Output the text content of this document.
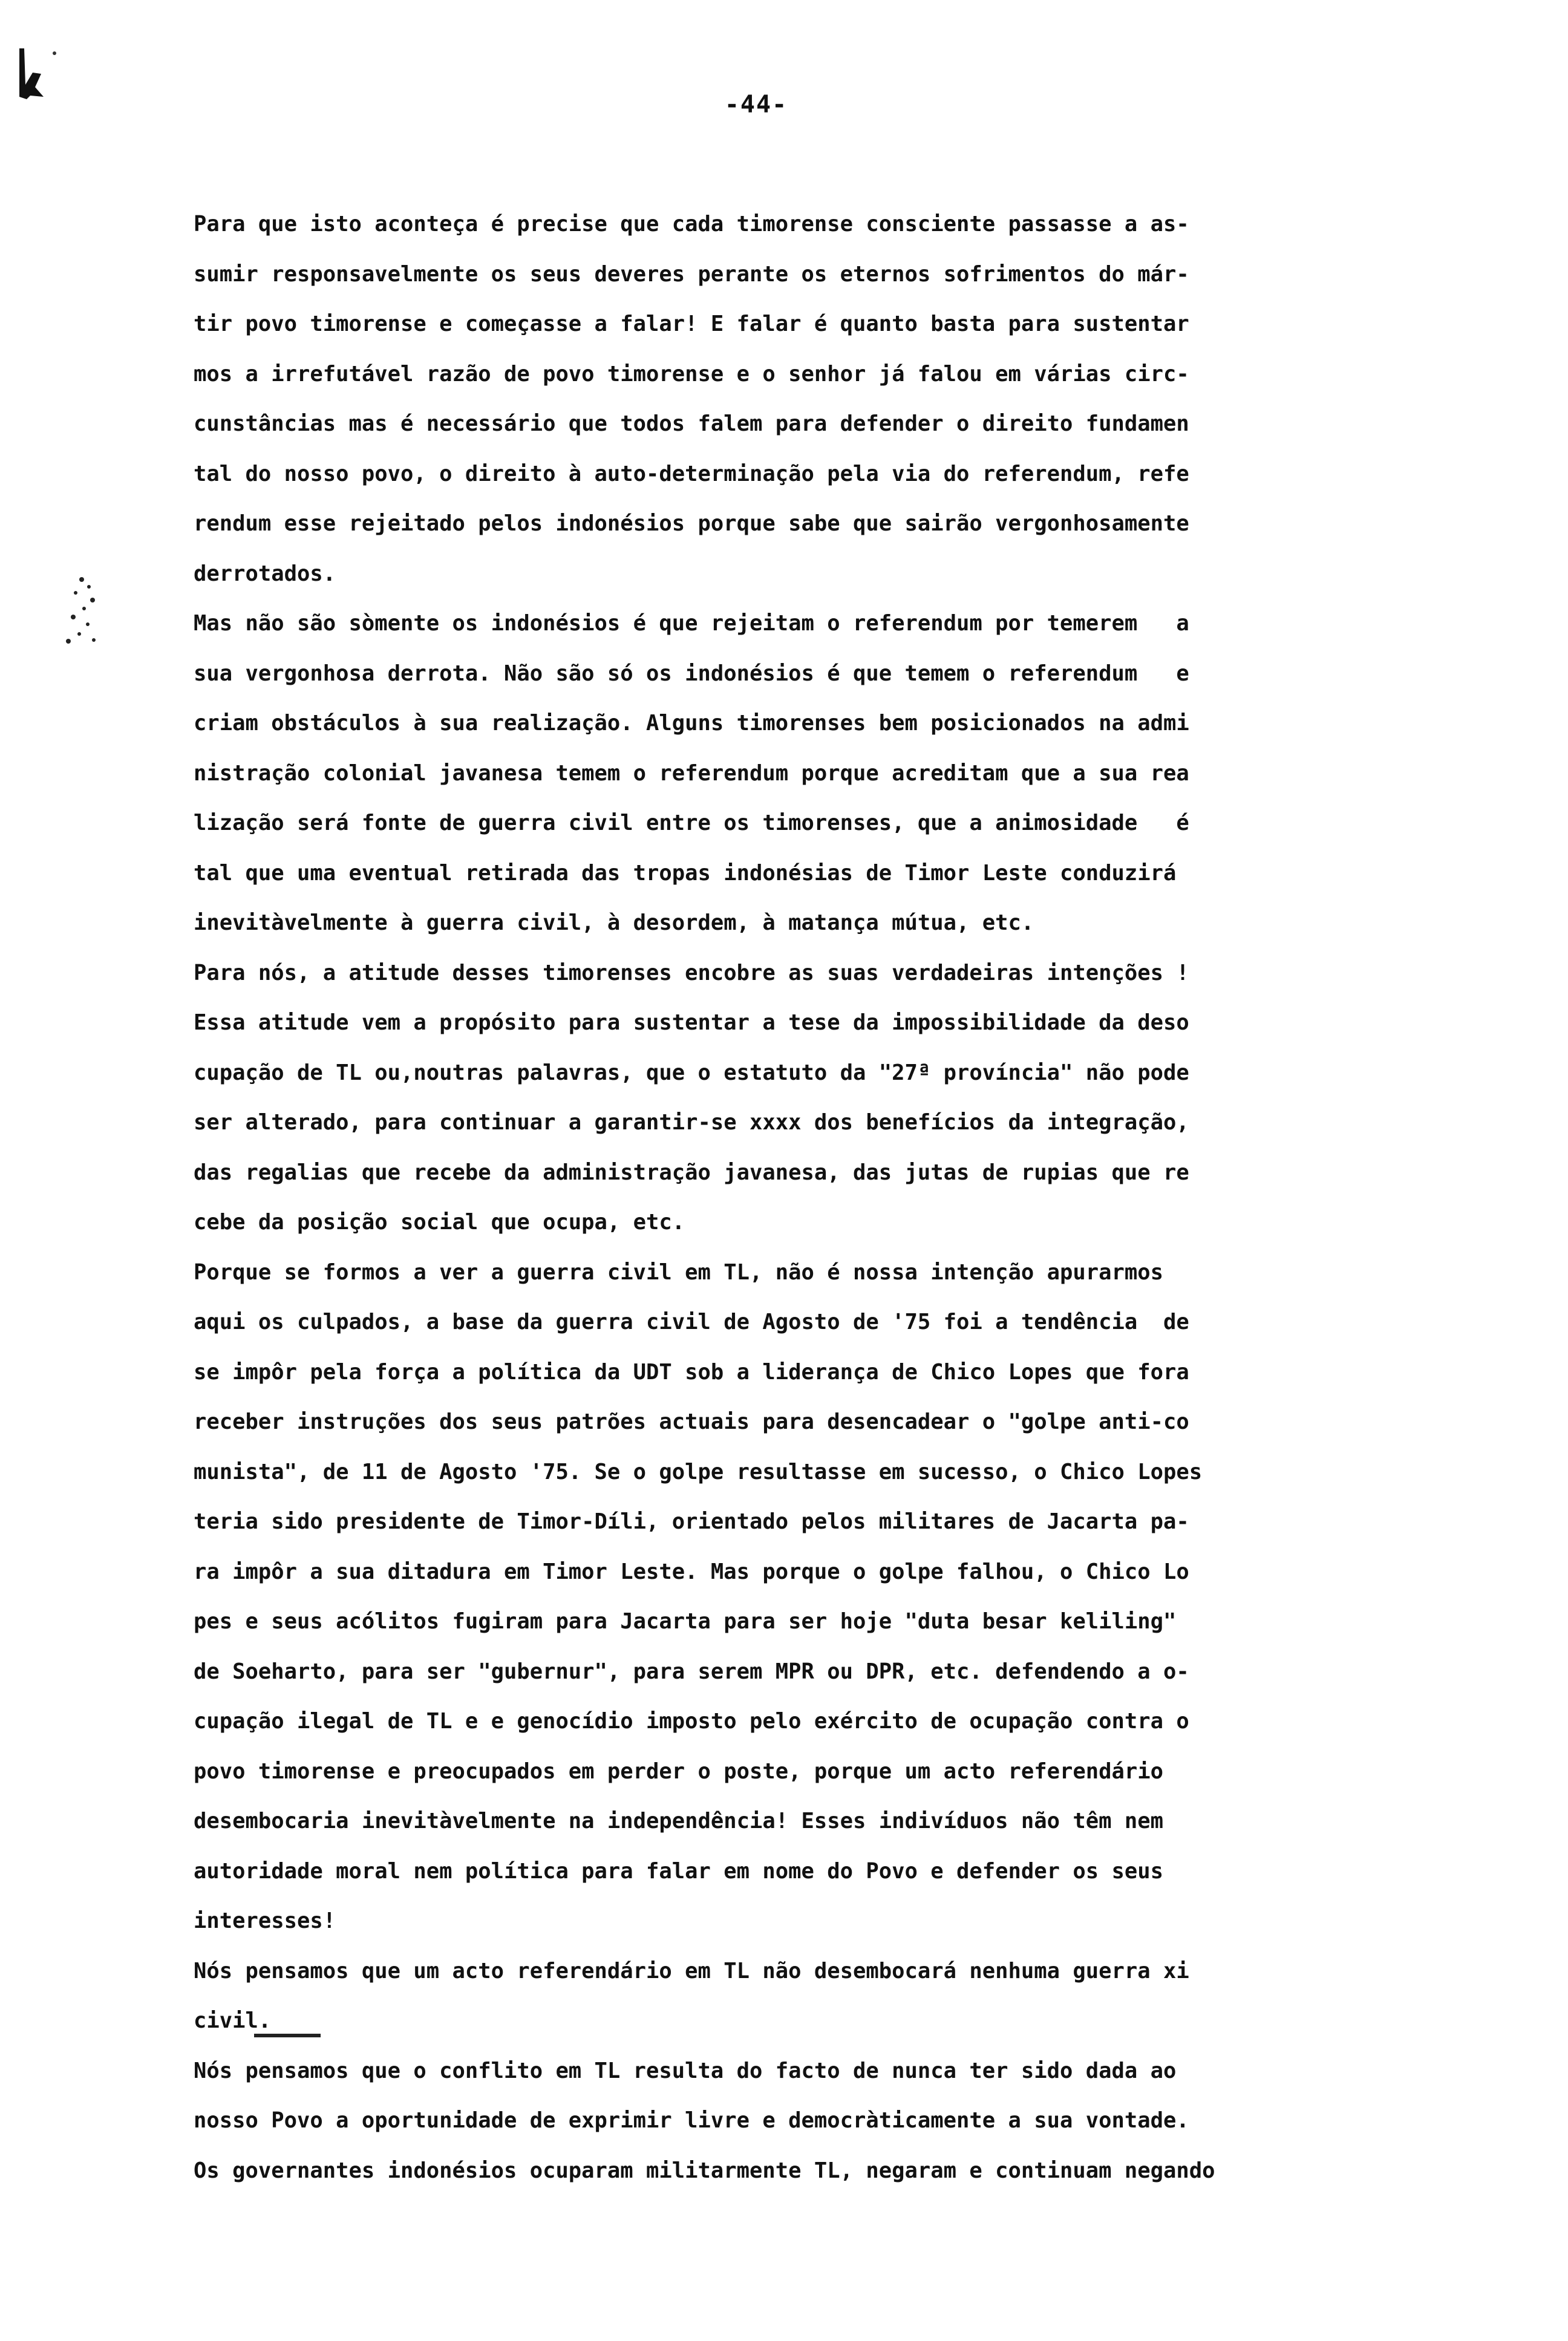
-44-
Para que isto aconteça é precise que cada timorense consciente passasse a as-
sumir responsavelmente os seus deveres perante os eternos sofrimentos do már-
tir povo timorense e começasse a falar! E falar é quanto basta para sustentar
mos a irrefutável razão de povo timorense e o senhor já falou em várias circ-
cunstâncias mas é necessário que todos falem para defender o direito fundamen
tal do nosso povo, o direito à auto-determinação pela via do referendum, refe
rendum esse rejeitado pelos indonésios porque sabe que sairão vergonhosamente
derrotados.
Mas não são sòmente os indonésios é que rejeitam o referendum por temerem   a
sua vergonhosa derrota. Não são só os indonésios é que temem o referendum   e
criam obstáculos à sua realização. Alguns timorenses bem posicionados na admi
nistração colonial javanesa temem o referendum porque acreditam que a sua rea
lização será fonte de guerra civil entre os timorenses, que a animosidade   é
tal que uma eventual retirada das tropas indonésias de Timor Leste conduzirá
inevitàvelmente à guerra civil, à desordem, à matança mútua, etc.
Para nós, a atitude desses timorenses encobre as suas verdadeiras intenções !
Essa atitude vem a propósito para sustentar a tese da impossibilidade da deso
cupação de TL ou,noutras palavras, que o estatuto da "27ª província" não pode
ser alterado, para continuar a garantir-se xxxx dos benefícios da integração,
das regalias que recebe da administração javanesa, das jutas de rupias que re
cebe da posição social que ocupa, etc.
Porque se formos a ver a guerra civil em TL, não é nossa intenção apurarmos
aqui os culpados, a base da guerra civil de Agosto de '75 foi a tendência  de
se impôr pela força a política da UDT sob a liderança de Chico Lopes que fora
receber instruções dos seus patrões actuais para desencadear o "golpe anti-co
munista", de 11 de Agosto '75. Se o golpe resultasse em sucesso, o Chico Lopes
teria sido presidente de Timor-Díli, orientado pelos militares de Jacarta pa-
ra impôr a sua ditadura em Timor Leste. Mas porque o golpe falhou, o Chico Lo
pes e seus acólitos fugiram para Jacarta para ser hoje "duta besar keliling"
de Soeharto, para ser "gubernur", para serem MPR ou DPR, etc. defendendo a o-
cupação ilegal de TL e e genocídio imposto pelo exército de ocupação contra o
povo timorense e preocupados em perder o poste, porque um acto referendário
desembocaria inevitàvelmente na independência! Esses indivíduos não têm nem
autoridade moral nem política para falar em nome do Povo e defender os seus
interesses!
Nós pensamos que um acto referendário em TL não desembocará nenhuma guerra xi
civil.
Nós pensamos que o conflito em TL resulta do facto de nunca ter sido dada ao
nosso Povo a oportunidade de exprimir livre e democràticamente a sua vontade.
Os governantes indonésios ocuparam militarmente TL, negaram e continuam negando
